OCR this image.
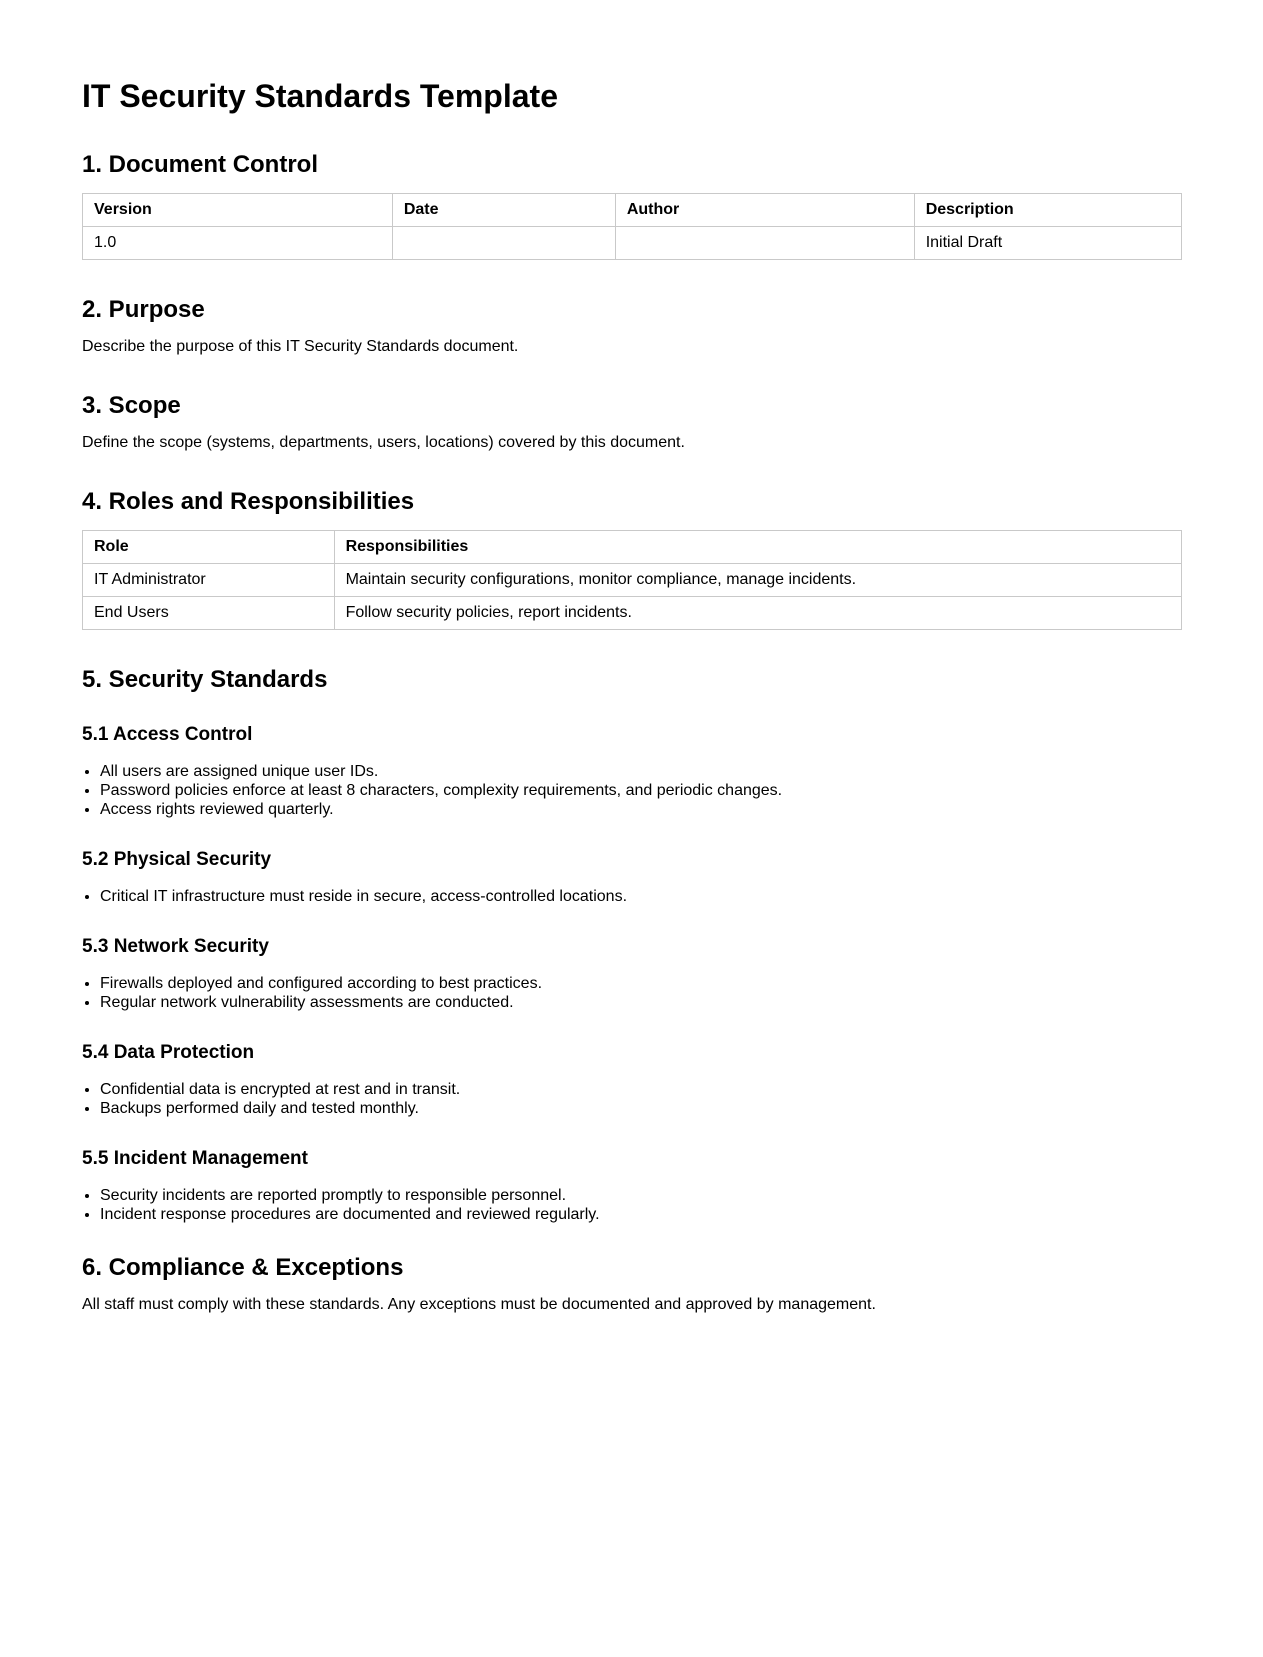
IT Security Standards Template
1. Document Control
Version	Date	Author	Description
1.0			Initial Draft
2. Purpose

Describe the purpose of this IT Security Standards document.

3. Scope

Define the scope (systems, departments, users, locations) covered by this document.

4. Roles and Responsibilities
Role	Responsibilities
IT Administrator	Maintain security configurations, monitor compliance, manage incidents.
End Users	Follow security policies, report incidents.
5. Security Standards
5.1 Access Control
• All users are assigned unique user IDs.
• Password policies enforce at least 8 characters, complexity requirements, and periodic changes.
• Access rights reviewed quarterly.
5.2 Physical Security
• Critical IT infrastructure must reside in secure, access-controlled locations.
5.3 Network Security
• Firewalls deployed and configured according to best practices.
• Regular network vulnerability assessments are conducted.
5.4 Data Protection
• Confidential data is encrypted at rest and in transit.
• Backups performed daily and tested monthly.
5.5 Incident Management
• Security incidents are reported promptly to responsible personnel.
• Incident response procedures are documented and reviewed regularly.
6. Compliance & Exceptions

All staff must comply with these standards. Any exceptions must be documented and approved by management.
